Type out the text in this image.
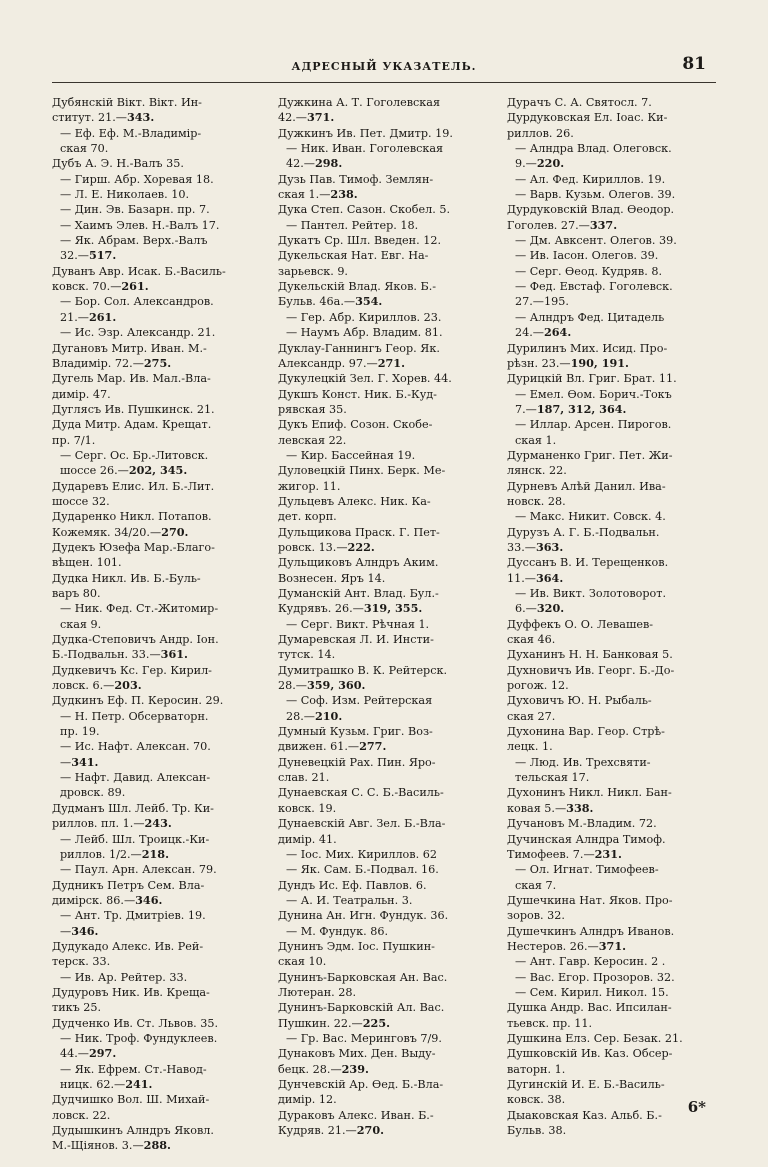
АДРЕСНЫЙ УКАЗАТЕЛЬ.	81
Дубянскій Вікт. Вікт. Ин-
ститут. 21.—343.
— Еф. Еф. М.-Владимір-
ская 70.
Дубъ А. Э. Н.-Валъ 35.
— Гирш. Абр. Хоревая 18.
— Л. Е. Николаев. 10.
— Дин. Эв. Базарн. пр. 7.
— Хаимъ Элев. Н.-Валъ 17.
— Як. Абрам. Верх.-Валъ
32.—517.
Дуванъ Авр. Исак. Б.-Василь-
ковск. 70.—261.
— Бор. Сол. Александров.
21.—261.
— Ис. Эзр. Александр. 21.
Дугановъ Митр. Иван. М.-
Владимір. 72.—275.
Дугель Мар. Ив. Мал.-Вла-
димір. 47.
Дуглясъ Ив. Пушкинск. 21.
Дуда Митр. Адам. Крещат.
пр. 7/1.
— Серг. Ос. Бр.-Литовск.
шоссе 26.—202, 345.
Дударевъ Елис. Ил. Б.-Лит.
шоссе 32.
Дударенко Никл. Потапов.
Кожемяк. 34/20.—270.
Дудекъ Юзефа Мар.-Благо-
вѣщен. 101.
Дудка Никл. Ив. Б.-Буль-
варъ 80.
— Ник. Фед. Ст.-Житомир-
ская 9.
Дудка-Степовичъ Андр. Іон.
Б.-Подвальн. 33.—361.
Дудкевичъ Кс. Гер. Кирил-
ловск. 6.—203.
Дудкинъ Еф. П. Керосин. 29.
— Н. Петр. Обсерваторн.
пр. 19.
— Ис. Нафт. Алексан. 70.
—341.
— Нафт. Давид. Алексан-
дровск. 89.
Дудманъ Шл. Лейб. Тр. Ки-
риллов. пл. 1.—243.
— Лейб. Шл. Троицк.-Ки-
риллов. 1/2.—218.
— Паул. Арн. Алексан. 79.
Дудникъ Петръ Сем. Вла-
димірск. 86.—346.
— Ант. Тр. Дмитріев. 19.
—346.
Дудукадо Алекс. Ив. Рей-
терск. 33.
— Ив. Ар. Рейтер. 33.
Дудуровъ Ник. Ив. Креща-
тикъ 25.
Дудченко Ив. Ст. Львов. 35.
— Ник. Троф. Фундуклеев.
44.—297.
— Як. Ефрем. Ст.-Навод-
ницк. 62.—241.
Дудчишко Вол. Ш. Михай-
ловск. 22.
Дудышкинъ Алндръ Яковл.
М.-Щіянов. 3.—288.
Дужкина А. Т. Гоголевская
42.—371.
Дужкинъ Ив. Пет. Дмитр. 19.
— Ник. Иван. Гоголевская
42.—298.
Дузь Пав. Тимоф. Землян-
ская 1.—238.
Дука Степ. Сазон. Скобел. 5.
— Пантел. Рейтер. 18.
Дукатъ Ср. Шл. Введен. 12.
Дукельская Нат. Евг. На-
зарьевск. 9.
Дукельскій Влад. Яков. Б.-
Бульв. 46а.—354.
— Гер. Абр. Кириллов. 23.
— Наумъ Абр. Владим. 81.
Дуклау-Ганнингъ Геор. Як.
Александр. 97.—271.
Дукулецкій Зел. Г. Хорев. 44.
Дукшъ Конст. Ник. Б.-Куд-
рявская 35.
Дукъ Епиф. Созон. Скобе-
левская 22.
— Кир. Бассейная 19.
Дуловецкій Пинх. Берк. Ме-
жигор. 11.
Дульцевъ Алекс. Ник. Ка-
дет. корп.
Дульщикова Праск. Г. Пет-
ровск. 13.—222.
Дульщиковъ Алндръ Аким.
Вознесен. Яръ 14.
Думанскій Ант. Влад. Бул.-
Кудрявъ. 26.—319, 355.
— Серг. Викт. Рѣчная 1.
Думаревская Л. И. Инсти-
тутск. 14.
Думитрашко В. К. Рейтерск.
28.—359, 360.
— Соф. Изм. Рейтерская
28.—210.
Думный Кузьм. Григ. Воз-
движен. 61.—277.
Дуневецкій Рах. Пин. Яро-
слав. 21.
Дунаевская С. С. Б.-Василь-
ковск. 19.
Дунаевскій Авг. Зел. Б.-Вла-
димір. 41.
— Іос. Мих. Кириллов. 62
— Як. Сам. Б.-Подвал. 16.
Дундъ Ис. Еф. Павлов. 6.
— А. И. Театральн. 3.
Дунина Ан. Игн. Фундук. 36.
— М. Фундук. 86.
Дунинъ Эдм. Іос. Пушкин-
ская 10.
Дунинъ-Барковская Ан. Вас.
Лютеран. 28.
Дунинъ-Барковскій Ал. Вас.
Пушкин. 22.—225.
— Гр. Вас. Меринговъ 7/9.
Дунаковъ Мих. Ден. Выду-
бецк. 28.—239.
Дунчевскій Ар. Өед. Б.-Вла-
димір. 12.
Дураковъ Алекс. Иван. Б.-
Кудряв. 21.—270.
Дурачъ С. А. Святосл. 7.
Дурдуковская Ел. Іоас. Ки-
риллов. 26.
— Алндра Влад. Олеговск.
9.—220.
— Ал. Фед. Кириллов. 19.
— Варв. Кузьм. Олегов. 39.
Дурдуковскій Влад. Өеодор.
Гоголев. 27.—337.
— Дм. Авксент. Олегов. 39.
— Ив. Іасон. Олегов. 39.
— Серг. Өеод. Кудряв. 8.
— Фед. Евстаф. Гоголевск.
27.—195.
— Алндръ Фед. Цитадель
24.—264.
Дурилинъ Мих. Исид. Про-
рѣзн. 23.—190, 191.
Дурицкій Вл. Григ. Брат. 11.
— Емел. Өом. Борич.-Токъ
7.—187, 312, 364.
— Иллар. Арсен. Пирогов.
ская 1.
Дурманенко Григ. Пет. Жи-
лянск. 22.
Дурневъ Алѣй Данил. Ива-
новск. 28.
— Макс. Никит. Совск. 4.
Дурузъ А. Г. Б.-Подвальн.
33.—363.
Дуссанъ В. И. Терещенков.
11.—364.
— Ив. Викт. Золотоворот.
6.—320.
Дуффекъ О. О. Левашев-
ская 46.
Духанинъ Н. Н. Банковая 5.
Духновичъ Ив. Георг. Б.-До-
рогож. 12.
Духовичъ Ю. Н. Рыбаль-
ская 27.
Духонина Вар. Геор. Стрѣ-
лецк. 1.
— Люд. Ив. Трехсвяти-
тельская 17.
Духонинъ Никл. Никл. Бан-
ковая 5.—338.
Дучановъ М.-Владим. 72.
Дучинская Алндра Тимоф.
Тимофеев. 7.—231.
— Ол. Игнат. Тимофеев-
ская 7.
Душечкина Нат. Яков. Про-
зоров. 32.
Душечкинъ Алндръ Иванов.
Нестеров. 26.—371.
— Ант. Гавр. Керосин. 2 .
— Вас. Егор. Прозоров. 32.
— Сем. Кирил. Никол. 15.
Душка Андр. Вас. Ипсилан-
тьевск. пр. 11.
Душкина Елз. Сер. Безак. 21.
Душковскій Ив. Каз. Обсер-
ваторн. 1.
Дугинскій И. Е. Б.-Василь-
ковск. 38.
Дыаковская Каз. Альб. Б.-
Бульв. 38.
6*
